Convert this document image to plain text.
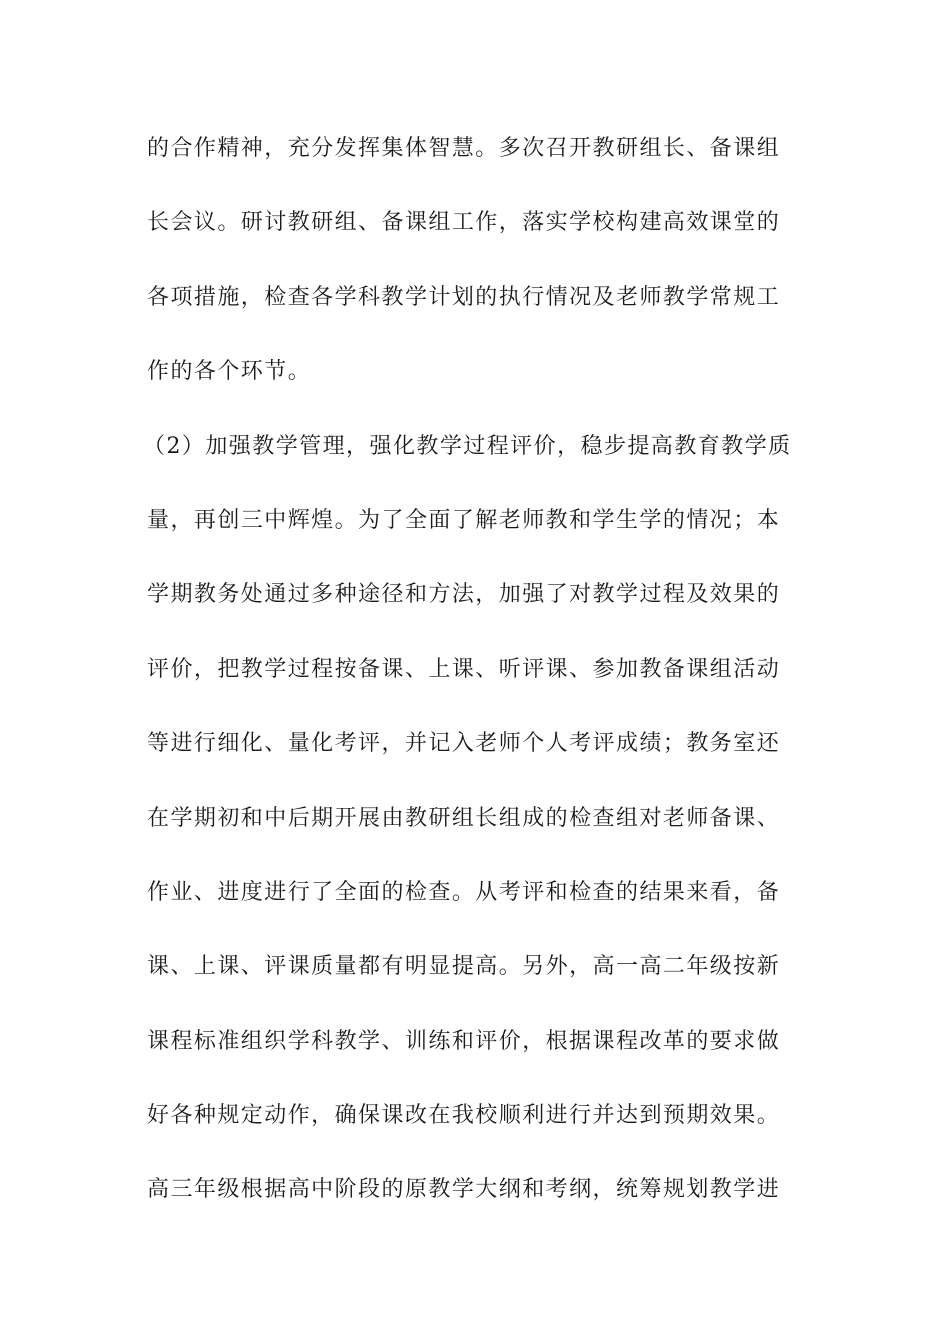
的合作精神，充分发挥集体智慧。多次召开教研组长、备课组
长会议。研讨教研组、备课组工作，落实学校构建高效课堂的
各项措施，检查各学科教学计划的执行情况及老师教学常规工
作的各个环节。
（2）加强教学管理，强化教学过程评价，稳步提高教育教学质
量，再创三中辉煌。为了全面了解老师教和学生学的情况；本
学期教务处通过多种途径和方法，加强了对教学过程及效果的
评价，把教学过程按备课、上课、听评课、参加教备课组活动
等进行细化、量化考评，并记入老师个人考评成绩；教务室还
在学期初和中后期开展由教研组长组成的检查组对老师备课、
作业、进度进行了全面的检查。从考评和检查的结果来看，备
课、上课、评课质量都有明显提高。另外，高一高二年级按新
课程标准组织学科教学、训练和评价，根据课程改革的要求做
好各种规定动作，确保课改在我校顺利进行并达到预期效果。
高三年级根据高中阶段的原教学大纲和考纲，统筹规划教学进
